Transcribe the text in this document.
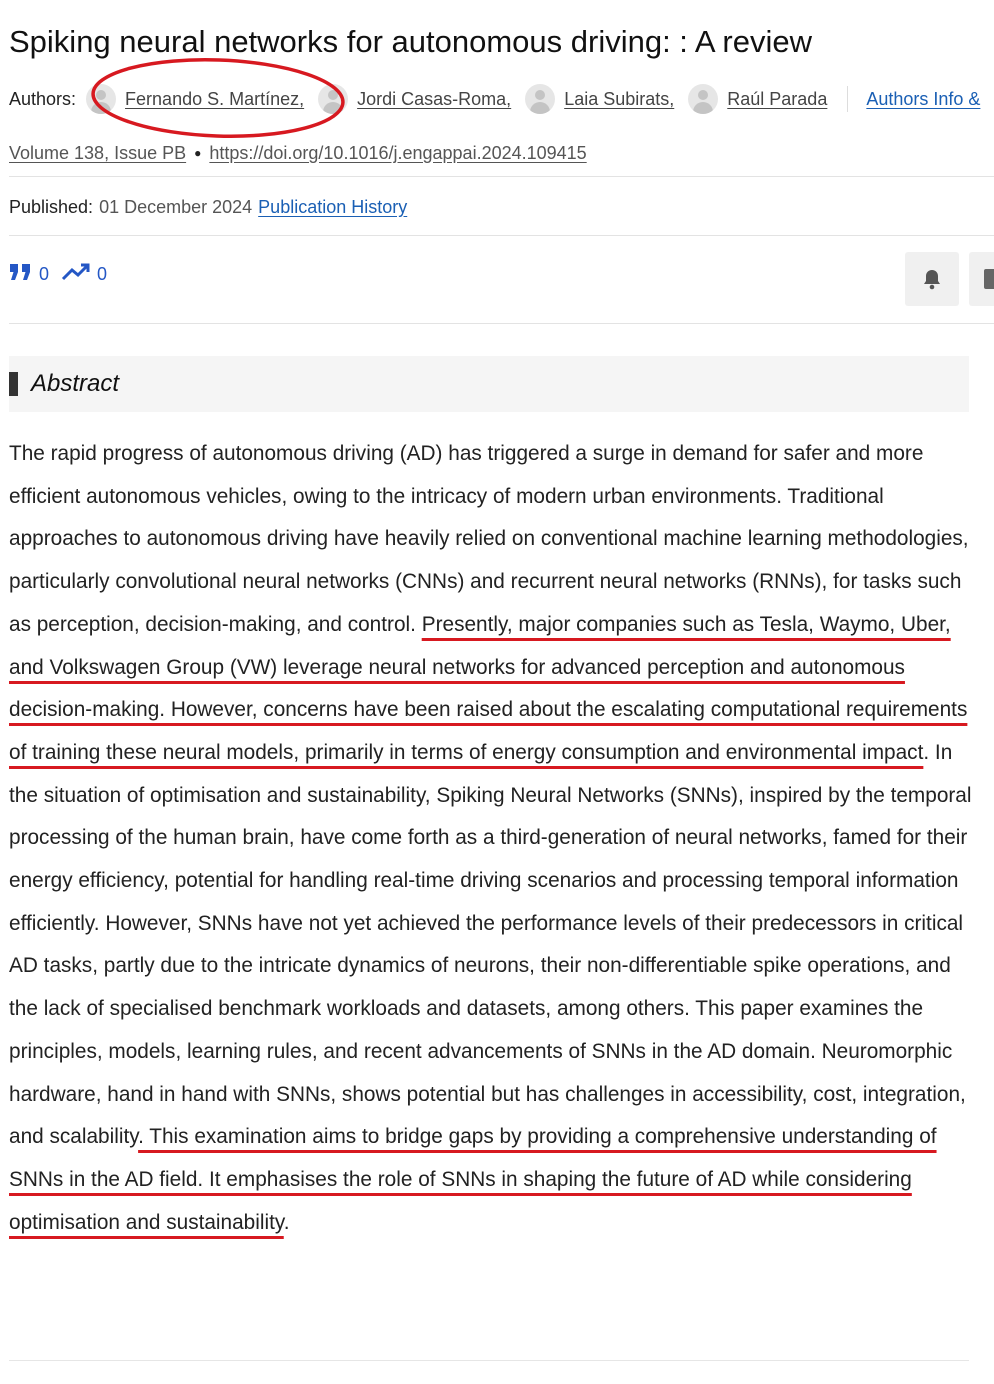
Spiking neural networks for autonomous driving: : A review
Authors:	Fernando S. Martínez,	Jordi Casas-Roma,	Laia Subirats,	Raúl Parada Authors Info &
Volume 138, Issue PB ● https://doi.org/10.1016/j.engappai.2024.109415
Published: 01 December 2024 Publication History
0	0
Abstract

The rapid progress of autonomous driving (AD) has triggered a surge in demand for safer and more efficient autonomous vehicles, owing to the intricacy of modern urban environments. Traditional approaches to autonomous driving have heavily relied on conventional machine learning methodologies, particularly convolutional neural networks (CNNs) and recurrent neural networks (RNNs), for tasks such as perception, decision-making, and control. Presently, major companies such as Tesla, Waymo, Uber, and Volkswagen Group (VW) leverage neural networks for advanced perception and autonomous decision-making. However, concerns have been raised about the escalating computational requirements of training these neural models, primarily in terms of energy consumption and environmental impact. In the situation of optimisation and sustainability, Spiking Neural Networks (SNNs), inspired by the temporal processing of the human brain, have come forth as a third-generation of neural networks, famed for their energy efficiency, potential for handling real-time driving scenarios and processing temporal information efficiently. However, SNNs have not yet achieved the performance levels of their predecessors in critical AD tasks, partly due to the intricate dynamics of neurons, their non-differentiable spike operations, and the lack of specialised benchmark workloads and datasets, among others. This paper examines the principles, models, learning rules, and recent advancements of SNNs in the AD domain. Neuromorphic hardware, hand in hand with SNNs, shows potential but has challenges in accessibility, cost, integration, and scalability. This examination aims to bridge gaps by providing a comprehensive understanding of SNNs in the AD field. It emphasises the role of SNNs in shaping the future of AD while considering optimisation and sustainability.
